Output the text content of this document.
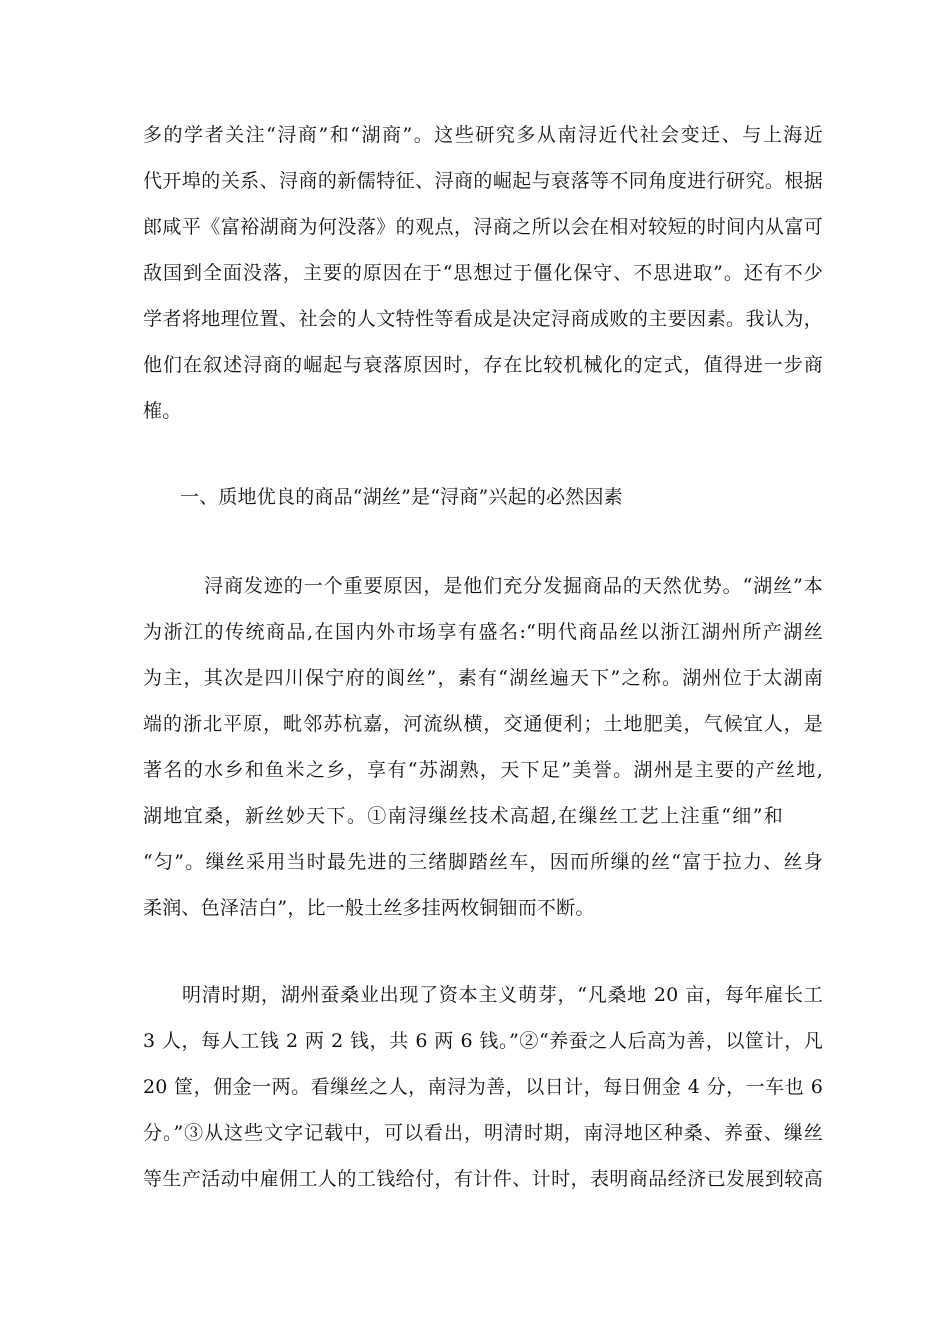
多的学者关注“浔商”和“湖商”。这些研究多从南浔近代社会变迁、与上海近
代开埠的关系、浔商的新儒特征、浔商的崛起与衰落等不同角度进行研究。根据
郎咸平《富裕湖商为何没落》的观点，浔商之所以会在相对较短的时间内从富可
敌国到全面没落，主要的原因在于“思想过于僵化保守、不思进取”。还有不少
学者将地理位置、社会的人文特性等看成是决定浔商成败的主要因素。我认为，
他们在叙述浔商的崛起与衰落原因时，存在比较机械化的定式，值得进一步商
榷。
一、质地优良的商品“湖丝”是“浔商”兴起的必然因素
浔商发迹的一个重要原因，是他们充分发掘商品的天然优势。“湖丝”本
为浙江的传统商品,在国内外市场享有盛名:“明代商品丝以浙江湖州所产湖丝
为主，其次是四川保宁府的阆丝”，素有“湖丝遍天下”之称。湖州位于太湖南
端的浙北平原，毗邻苏杭嘉，河流纵横，交通便利；土地肥美，气候宜人，是
著名的水乡和鱼米之乡，享有“苏湖熟，天下足”美誉。湖州是主要的产丝地,
湖地宜桑，新丝妙天下。①南浔缫丝技术高超,在缫丝工艺上注重“细”和
“匀”。缫丝采用当时最先进的三绪脚踏丝车，因而所缫的丝“富于拉力、丝身
柔润、色泽洁白”，比一般土丝多挂两枚铜钿而不断。
明清时期，湖州蚕桑业出现了资本主义萌芽，“凡桑地 20 亩，每年雇长工
3 人，每人工钱 2 两 2 钱，共 6 两 6 钱。”②“养蚕之人后高为善，以筐计，凡
20 筐，佣金一两。看缫丝之人，南浔为善，以日计，每日佣金 4 分，一车也 6
分。”③从这些文字记载中，可以看出，明清时期，南浔地区种桑、养蚕、缫丝
等生产活动中雇佣工人的工钱给付，有计件、计时，表明商品经济已发展到较高
